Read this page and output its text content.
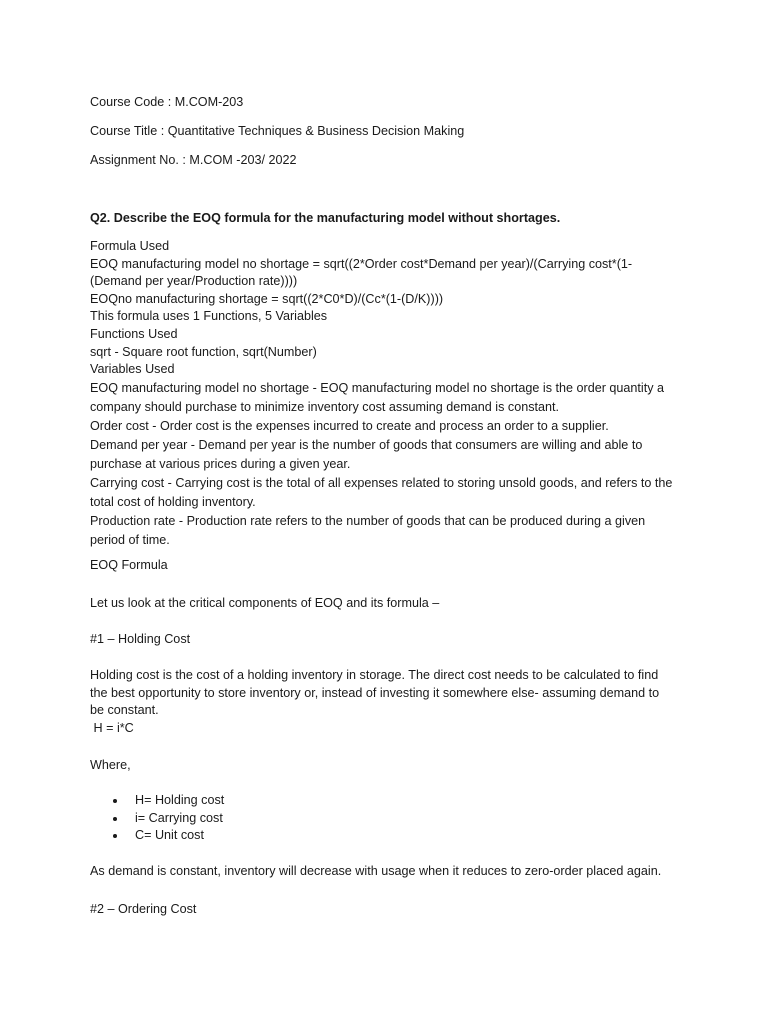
Course Code : M.COM-203

Course Title : Quantitative Techniques & Business Decision Making

Assignment No. : M.COM -203/ 2022

Q2. Describe the EOQ formula for the manufacturing model without shortages.

Formula Used
EOQ manufacturing model no shortage = sqrt((2*Order cost*Demand per year)/(Carrying cost*(1-
(Demand per year/Production rate))))
EOQno manufacturing shortage = sqrt((2*C0*D)/(Cc*(1-(D/K))))
This formula uses 1 Functions, 5 Variables
Functions Used
sqrt - Square root function, sqrt(Number)
Variables Used
EOQ manufacturing model no shortage - EOQ manufacturing model no shortage is the order quantity a
company should purchase to minimize inventory cost assuming demand is constant.
Order cost - Order cost is the expenses incurred to create and process an order to a supplier.
Demand per year - Demand per year is the number of goods that consumers are willing and able to
purchase at various prices during a given year.
Carrying cost - Carrying cost is the total of all expenses related to storing unsold goods, and refers to the
total cost of holding inventory.
Production rate - Production rate refers to the number of goods that can be produced during a given
period of time.

EOQ Formula

Let us look at the critical components of EOQ and its formula –

#1 – Holding Cost

Holding cost is the cost of a holding inventory in storage. The direct cost needs to be calculated to find
the best opportunity to store inventory or, instead of investing it somewhere else- assuming demand to
be constant.
H = i*C

Where,

H= Holding cost
i= Carrying cost
C= Unit cost

As demand is constant, inventory will decrease with usage when it reduces to zero-order placed again.

#2 – Ordering Cost
